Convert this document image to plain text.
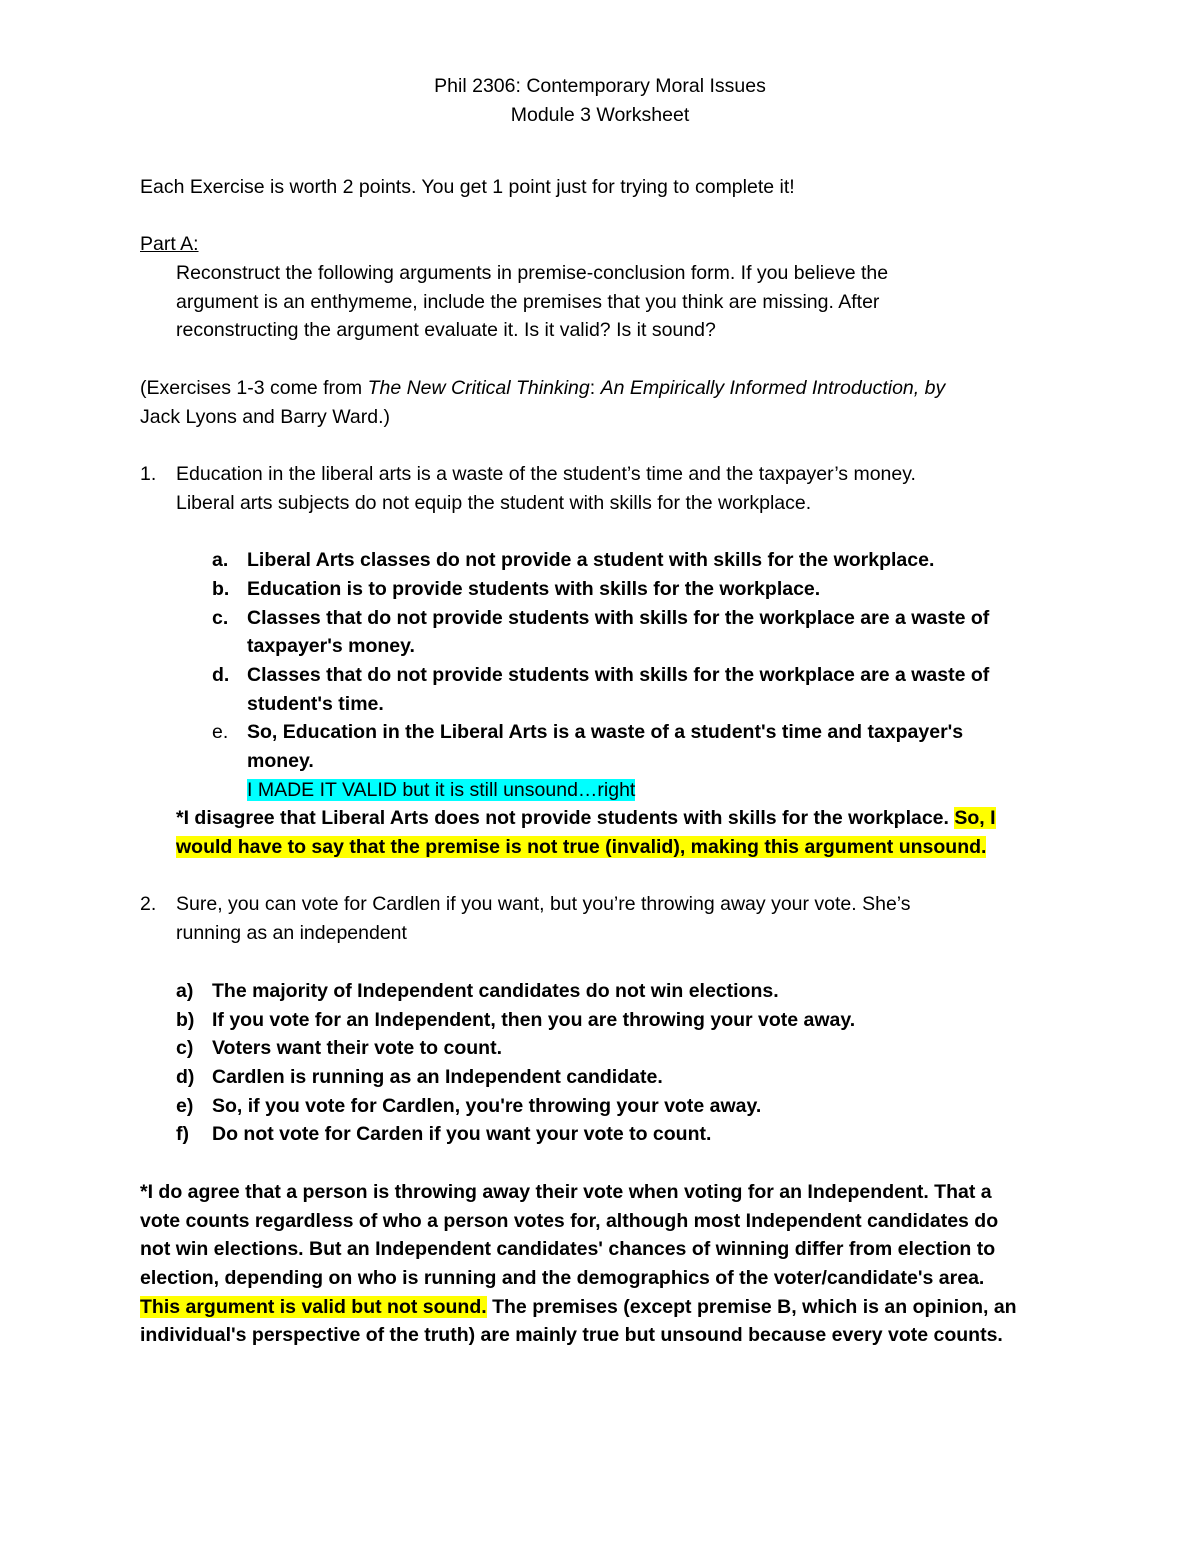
Phil 2306: Contemporary Moral Issues
Module 3 Worksheet
Each Exercise is worth 2 points. You get 1 point just for trying to complete it!
Part A:
Reconstruct the following arguments in premise-conclusion form. If you believe the
argument is an enthymeme, include the premises that you think are missing. After
reconstructing the argument evaluate it. Is it valid? Is it sound?
(Exercises 1-3 come from The New Critical Thinking: An Empirically Informed Introduction, by
Jack Lyons and Barry Ward.)
1. Education in the liberal arts is a waste of the student’s time and the taxpayer’s money.
Liberal arts subjects do not equip the student with skills for the workplace.
a. Liberal Arts classes do not provide a student with skills for the workplace.
b. Education is to provide students with skills for the workplace.
c. Classes that do not provide students with skills for the workplace are a waste of
taxpayer's money.
d. Classes that do not provide students with skills for the workplace are a waste of
student's time.
e. So, Education in the Liberal Arts is a waste of a student's time and taxpayer's
money.
I MADE IT VALID but it is still unsound…right
*I disagree that Liberal Arts does not provide students with skills for the workplace. So, I
would have to say that the premise is not true (invalid), making this argument unsound.
2. Sure, you can vote for Cardlen if you want, but you’re throwing away your vote. She’s
running as an independent
a) The majority of Independent candidates do not win elections.
b) If you vote for an Independent, then you are throwing your vote away.
c) Voters want their vote to count.
d) Cardlen is running as an Independent candidate.
e) So, if you vote for Cardlen, you're throwing your vote away.
f) Do not vote for Carden if you want your vote to count.
*I do agree that a person is throwing away their vote when voting for an Independent. That a
vote counts regardless of who a person votes for, although most Independent candidates do
not win elections. But an Independent candidates' chances of winning differ from election to
election, depending on who is running and the demographics of the voter/candidate's area.
This argument is valid but not sound. The premises (except premise B, which is an opinion, an
individual's perspective of the truth) are mainly true but unsound because every vote counts.
